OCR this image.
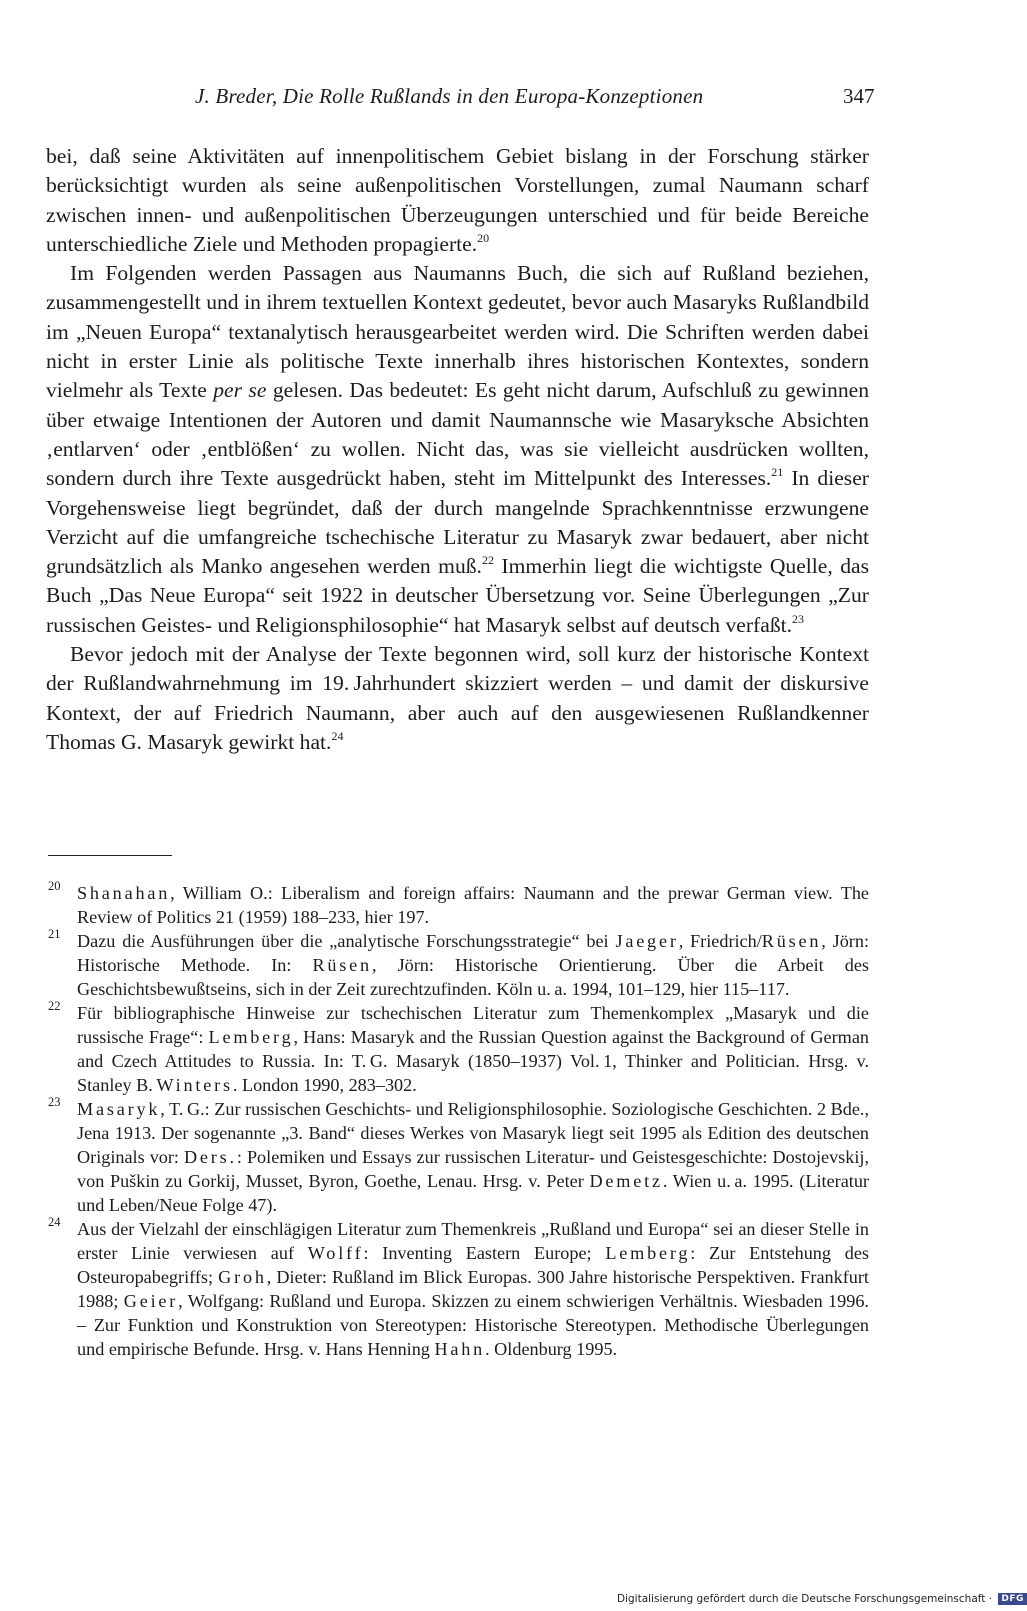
J. Breder, Die Rolle Rußlands in den Europa-Konzeptionen	347

bei, daß seine Aktivitäten auf innenpolitischem Gebiet bislang in der Forschung stärker berücksichtigt wurden als seine außenpolitischen Vorstellungen, zumal Naumann scharf zwischen innen- und außenpolitischen Überzeugungen unterschied und für beide Bereiche unterschiedliche Ziele und Methoden propagierte.$^{20}$

Im Folgenden werden Passagen aus Naumanns Buch, die sich auf Rußland beziehen, zusammengestellt und in ihrem textuellen Kontext gedeutet, bevor auch Masaryks Rußlandbild im „Neuen Europa“ textanalytisch herausgearbeitet werden wird. Die Schriften werden dabei nicht in erster Linie als politische Texte innerhalb ihres historischen Kontextes, sondern vielmehr als Texte per se gelesen. Das bedeutet: Es geht nicht darum, Aufschluß zu gewinnen über etwaige Intentionen der Autoren und damit Naumannsche wie Masaryksche Absichten ‚entlarven‘ oder ‚entblößen‘ zu wollen. Nicht das, was sie vielleicht ausdrücken wollten, sondern durch ihre Texte ausgedrückt haben, steht im Mittelpunkt des Interesses.$^{21}$ In dieser Vorgehensweise liegt begründet, daß der durch mangelnde Sprachkenntnisse erzwungene Verzicht auf die umfangreiche tschechische Literatur zu Masaryk zwar bedauert, aber nicht grundsätzlich als Manko angesehen werden muß.$^{22}$ Immerhin liegt die wichtigste Quelle, das Buch „Das Neue Europa“ seit 1922 in deutscher Übersetzung vor. Seine Überlegungen „Zur russischen Geistes- und Religionsphilosophie“ hat Masaryk selbst auf deutsch verfaßt.$^{23}$

Bevor jedoch mit der Analyse der Texte begonnen wird, soll kurz der historische Kontext der Rußlandwahrnehmung im 19. Jahrhundert skizziert werden – und damit der diskursive Kontext, der auf Friedrich Naumann, aber auch auf den ausgewiesenen Rußlandkenner Thomas G. Masaryk gewirkt hat.$^{24}$

20 Shanahan, William O.: Liberalism and foreign affairs: Naumann and the prewar German view. The Review of Politics 21 (1959) 188–233, hier 197.

21 Dazu die Ausführungen über die „analytische Forschungsstrategie“ bei Jaeger, Friedrich/Rüsen, Jörn: Historische Methode. In: Rüsen, Jörn: Historische Orientierung. Über die Arbeit des Geschichtsbewußtseins, sich in der Zeit zurechtzufinden. Köln u. a. 1994, 101–129, hier 115–117.

22 Für bibliographische Hinweise zur tschechischen Literatur zum Themenkomplex „Masaryk und die russische Frage“: Lemberg, Hans: Masaryk and the Russian Question against the Background of German and Czech Attitudes to Russia. In: T. G. Masaryk (1850–1937) Vol. 1, Thinker and Politician. Hrsg. v. Stanley B. Winters. London 1990, 283–302.

23 Masaryk, T. G.: Zur russischen Geschichts- und Religionsphilosophie. Soziologische Geschichten. 2 Bde., Jena 1913. Der sogenannte „3. Band“ dieses Werkes von Masaryk liegt seit 1995 als Edition des deutschen Originals vor: Ders.: Polemiken und Essays zur russischen Literatur- und Geistesgeschichte: Dostojevskij, von Puškin zu Gorkij, Musset, Byron, Goethe, Lenau. Hrsg. v. Peter Demetz. Wien u. a. 1995. (Literatur und Leben/Neue Folge 47).

24 Aus der Vielzahl der einschlägigen Literatur zum Themenkreis „Rußland und Europa“ sei an dieser Stelle in erster Linie verwiesen auf Wolff: Inventing Eastern Europe; Lemberg: Zur Entstehung des Osteuropabegriffs; Groh, Dieter: Rußland im Blick Europas. 300 Jahre historische Perspektiven. Frankfurt 1988; Geier, Wolfgang: Rußland und Europa. Skizzen zu einem schwierigen Verhältnis. Wiesbaden 1996. – Zur Funktion und Konstruktion von Stereotypen: Historische Stereotypen. Methodische Überlegungen und empirische Befunde. Hrsg. v. Hans Henning Hahn. Oldenburg 1995.

Digitalisierung gefördert durch die Deutsche Forschungsgemeinschaft · DFG
